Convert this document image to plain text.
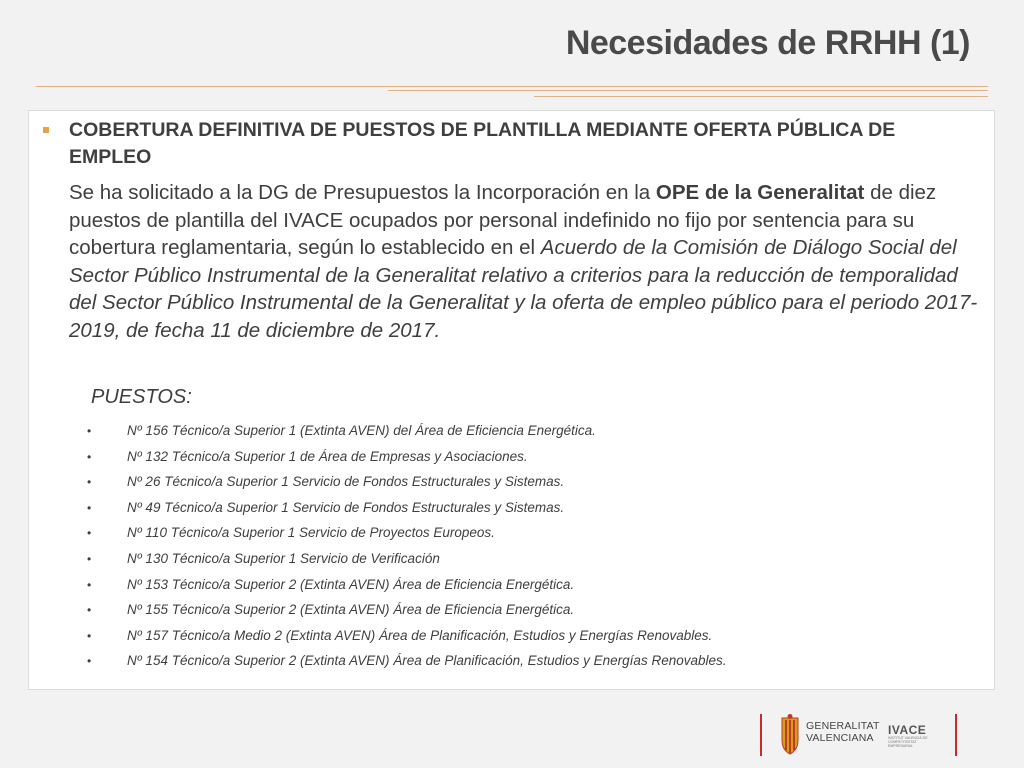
Necesidades de RRHH (1)

COBERTURA DEFINITIVA DE PUESTOS DE PLANTILLA MEDIANTE OFERTA PÚBLICA DE EMPLEO

Se ha solicitado a la DG de Presupuestos la Incorporación en la OPE de la Generalitat de diez puestos de plantilla del IVACE ocupados por personal indefinido no fijo por sentencia para su cobertura reglamentaria, según lo establecido en el Acuerdo de la Comisión de Diálogo Social del Sector Público Instrumental de la Generalitat relativo a criterios para la reducción de temporalidad del Sector Público Instrumental de la Generalitat y la oferta de empleo público para el periodo 2017-2019, de fecha 11 de diciembre de 2017.

PUESTOS:

•	Nº 156 Técnico/a Superior 1 (Extinta AVEN) del Área de Eficiencia Energética.
•	Nº 132 Técnico/a Superior 1 de Área de Empresas y Asociaciones.
•	Nº 26 Técnico/a Superior 1 Servicio de Fondos Estructurales y Sistemas.
•	Nº 49 Técnico/a Superior 1 Servicio de Fondos Estructurales y Sistemas.
•	Nº 110 Técnico/a Superior 1 Servicio de Proyectos Europeos.
•	Nº 130 Técnico/a Superior 1 Servicio de Verificación
•	Nº 153 Técnico/a Superior 2 (Extinta AVEN) Área de Eficiencia Energética.
•	Nº 155 Técnico/a Superior 2 (Extinta AVEN) Área de Eficiencia Energética.
•	Nº 157 Técnico/a Medio 2 (Extinta AVEN) Área de Planificación, Estudios y Energías Renovables.
•	Nº 154 Técnico/a Superior 2 (Extinta AVEN) Área de Planificación, Estudios y Energías Renovables.
GENERALITAT
VALENCIANA
IVACE
INSTITUT VALENCIÀ DE COMPETITIVITAT EMPRESARIAL
